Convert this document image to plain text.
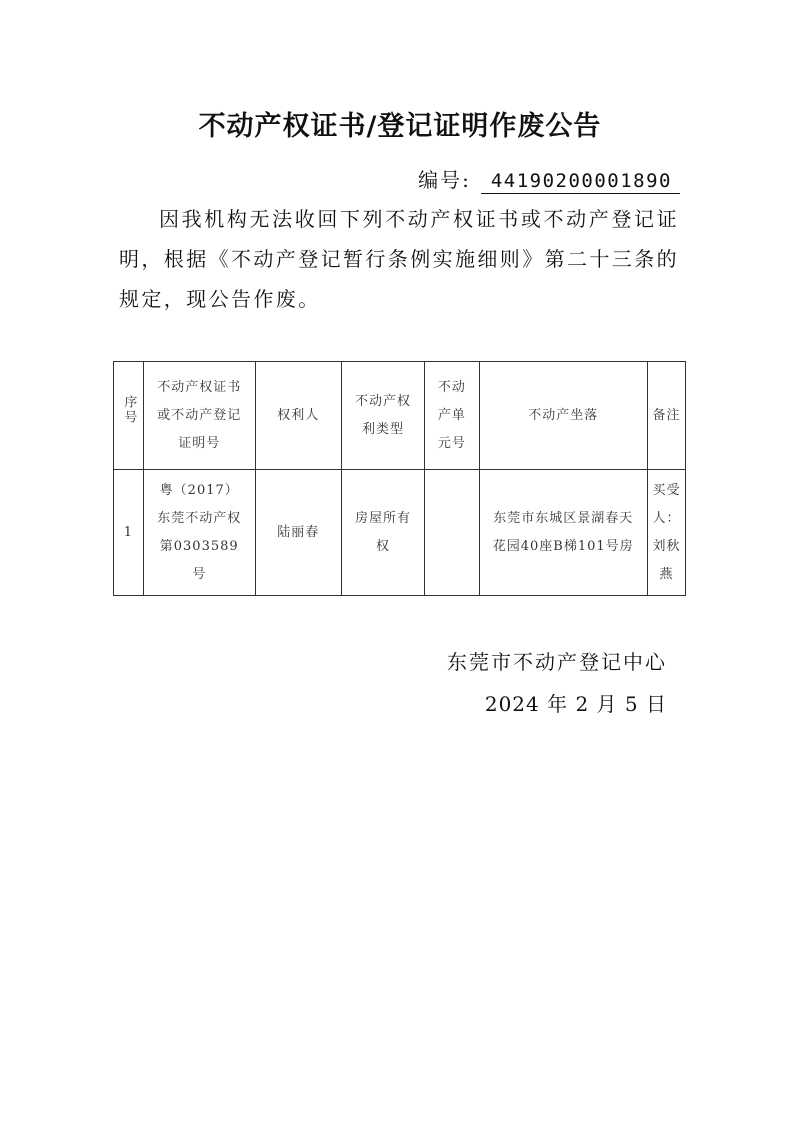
不动产权证书/登记证明作废公告
编号:	44190200001890
因我机构无法收回下列不动产权证书或不动产登记证明，根据《不动产登记暂行条例实施细则》第二十三条的规定，现公告作废。
序号	不动产权证书或不动产登记证明号	权利人	不动产权利类型	不动产单元号	不动产坐落	备注
1	粤（2017）东莞不动产权第0303589号	陆丽春	房屋所有权		东莞市东城区景湖春天花园40座B梯101号房	买受人：刘秋燕
东莞市不动产登记中心
2024 年 2 月 5 日
